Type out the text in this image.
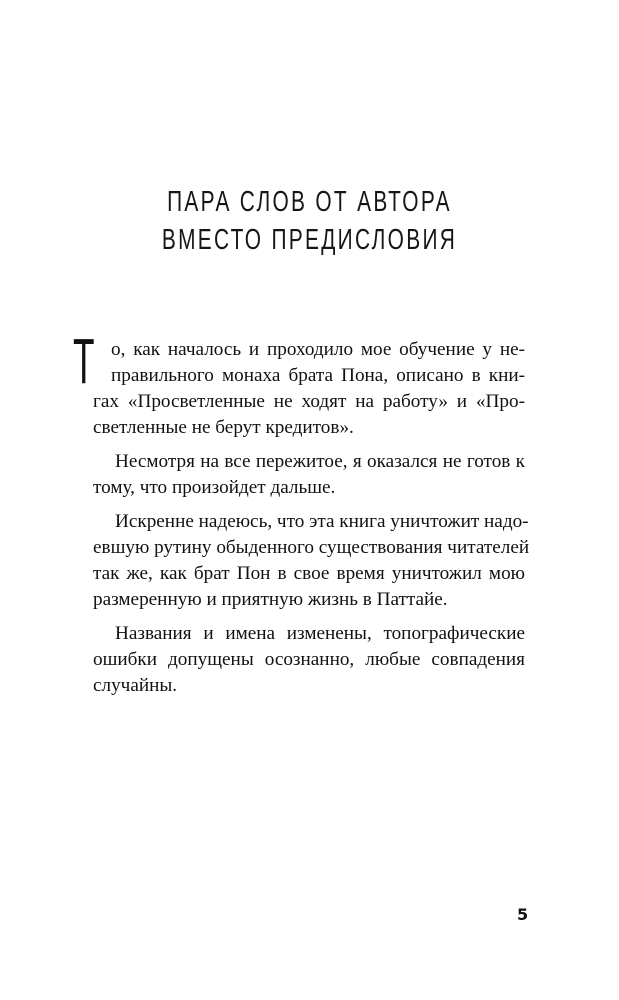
ПАРА СЛОВ ОТ АВТОРА
ВМЕСТО ПРЕДИСЛОВИЯ
Т о, как началось и проходило мое обучение у не-
правильного монаха брата Пона, описано в кни-
гах «Просветленные не ходят на работу» и «Про-
светленные не берут кредитов».
Несмотря на все пережитое, я оказался не готов к
тому, что произойдет дальше.
Искренне надеюсь, что эта книга уничтожит надо-
евшую рутину обыденного существования читателей
так же, как брат Пон в свое время уничтожил мою
размеренную и приятную жизнь в Паттайе.
Названия и имена изменены, топографические
ошибки допущены осознанно, любые совпадения
случайны.
5
